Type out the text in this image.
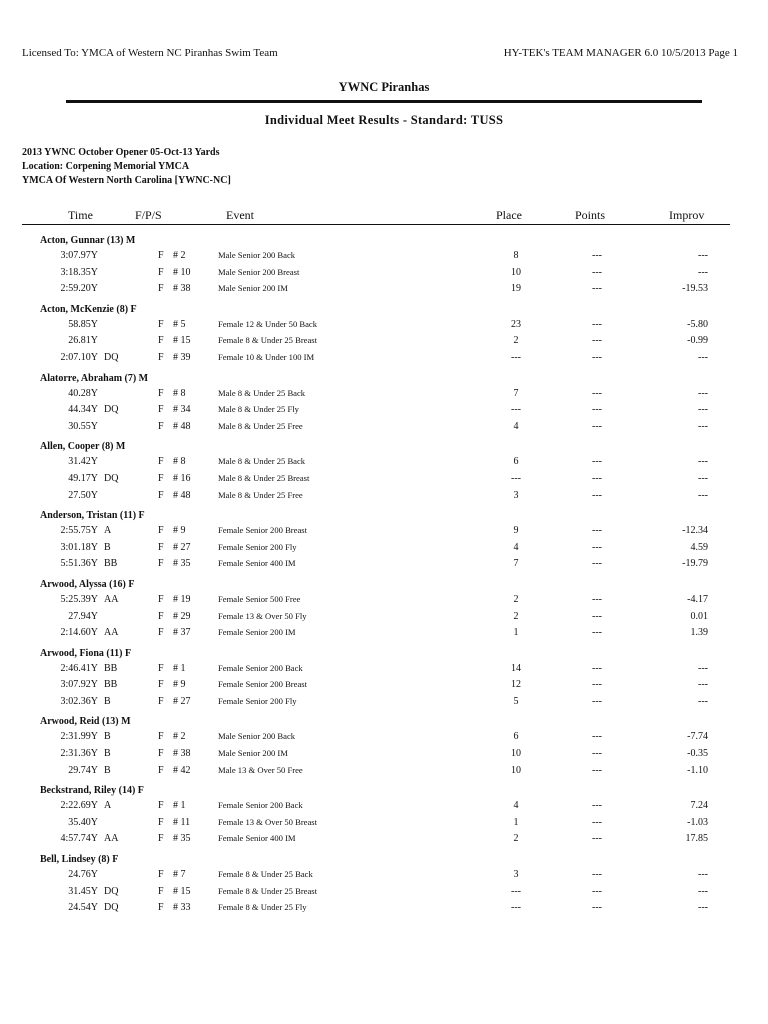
Licensed To: YMCA of Western NC Piranhas Swim Team	HY-TEK's TEAM MANAGER 6.0 10/5/2013 Page 1
YWNC Piranhas
Individual Meet Results - Standard: TUSS
2013 YWNC October Opener 05-Oct-13 Yards
Location: Corpening Memorial YMCA
YMCA Of Western North Carolina [YWNC-NC]
Time	F/P/S	Event	Place	Points	Improv
Acton, Gunnar (13) M
3:07.97Y	F # 2	Male Senior 200 Back	8	---	---
3:18.35Y	F # 10	Male Senior 200 Breast	10	---	---
2:59.20Y	F # 38	Male Senior 200 IM	19	---	-19.53
Acton, McKenzie (8) F
58.85Y	F # 5	Female 12 & Under 50 Back	23	---	-5.80
26.81Y	F # 15	Female 8 & Under 25 Breast	2	---	-0.99
2:07.10Y DQ	F # 39	Female 10 & Under 100 IM	---	---	---
Alatorre, Abraham (7) M
40.28Y	F # 8	Male 8 & Under 25 Back	7	---	---
44.34Y DQ	F # 34	Male 8 & Under 25 Fly	---	---	---
30.55Y	F # 48	Male 8 & Under 25 Free	4	---	---
Allen, Cooper (8) M
31.42Y	F # 8	Male 8 & Under 25 Back	6	---	---
49.17Y DQ	F # 16	Male 8 & Under 25 Breast	---	---	---
27.50Y	F # 48	Male 8 & Under 25 Free	3	---	---
Anderson, Tristan (11) F
2:55.75Y A	F # 9	Female Senior 200 Breast	9	---	-12.34
3:01.18Y B	F # 27	Female Senior 200 Fly	4	---	4.59
5:51.36Y BB	F # 35	Female Senior 400 IM	7	---	-19.79
Arwood, Alyssa (16) F
5:25.39Y AA	F # 19	Female Senior 500 Free	2	---	-4.17
27.94Y	F # 29	Female 13 & Over 50 Fly	2	---	0.01
2:14.60Y AA	F # 37	Female Senior 200 IM	1	---	1.39
Arwood, Fiona (11) F
2:46.41Y BB	F # 1	Female Senior 200 Back	14	---	---
3:07.92Y BB	F # 9	Female Senior 200 Breast	12	---	---
3:02.36Y B	F # 27	Female Senior 200 Fly	5	---	---
Arwood, Reid (13) M
2:31.99Y B	F # 2	Male Senior 200 Back	6	---	-7.74
2:31.36Y B	F # 38	Male Senior 200 IM	10	---	-0.35
29.74Y B	F # 42	Male 13 & Over 50 Free	10	---	-1.10
Beckstrand, Riley (14) F
2:22.69Y A	F # 1	Female Senior 200 Back	4	---	7.24
35.40Y	F # 11	Female 13 & Over 50 Breast	1	---	-1.03
4:57.74Y AA	F # 35	Female Senior 400 IM	2	---	17.85
Bell, Lindsey (8) F
24.76Y	F # 7	Female 8 & Under 25 Back	3	---	---
31.45Y DQ	F # 15	Female 8 & Under 25 Breast	---	---	---
24.54Y DQ	F # 33	Female 8 & Under 25 Fly	---	---	---
